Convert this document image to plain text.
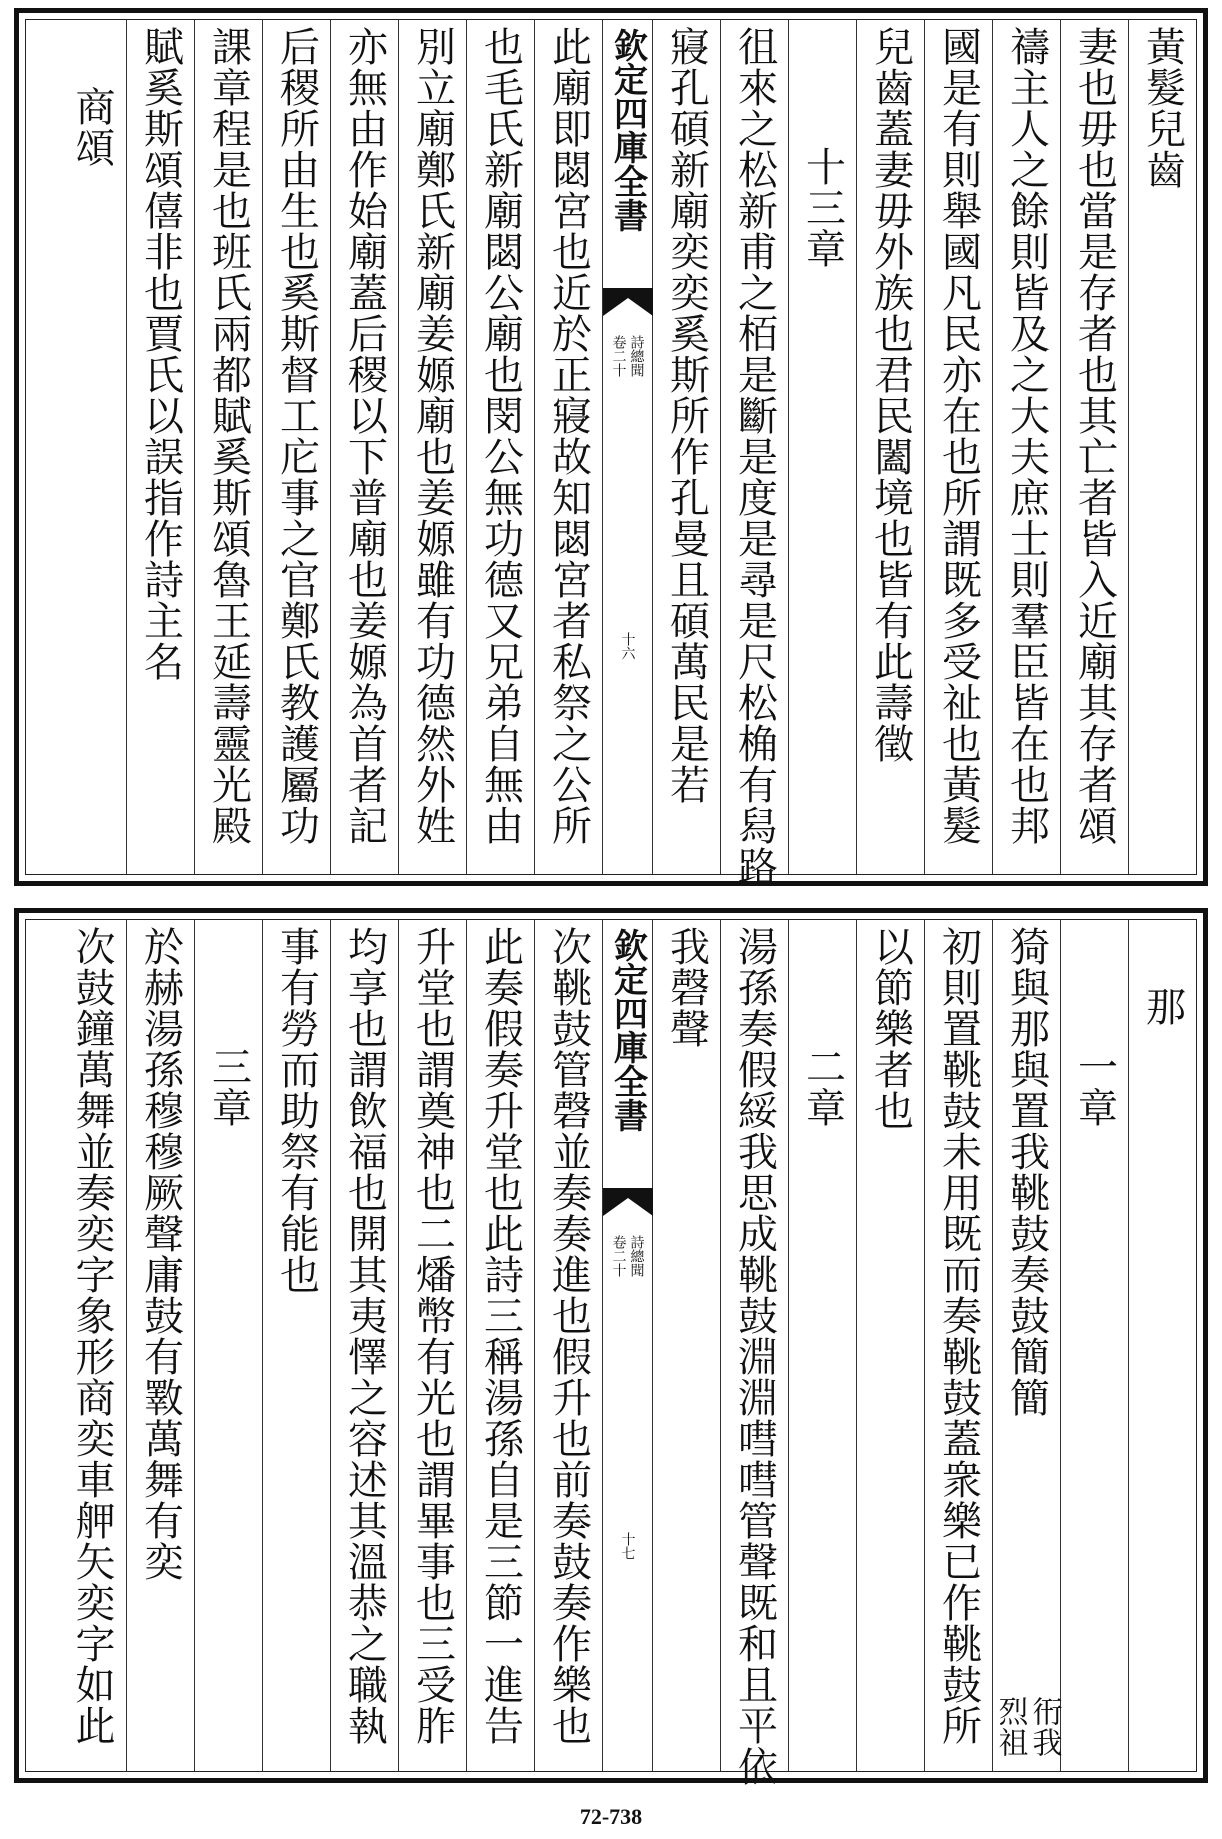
黃髮兒齒
妻也毋也當是存者也其亡者皆入近廟其存者頌
禱主人之餘則皆及之大夫庶士則羣臣皆在也邦
國是有則舉國凡民亦在也所謂既多受祉也黃髮
兒齒蓋妻毋外族也君民闔境也皆有此壽徵
十三章
徂來之松新甫之栢是斷是度是尋是尺松桷有舄路
寢孔碩新廟奕奕奚斯所作孔曼且碩萬民是若
欽定四庫全書
詩總聞
卷二十
十六
此廟即閟宮也近於正寢故知閟宮者私祭之公所
也毛氏新廟閟公廟也閔公無功德又兄弟自無由
別立廟鄭氏新廟姜嫄廟也姜嫄雖有功德然外姓
亦無由作始廟蓋后稷以下普廟也姜嫄為首者記
后稷所由生也奚斯督工庀事之官鄭氏教護屬功
課章程是也班氏兩都賦奚斯頌魯王延壽靈光殿
賦奚斯頌僖非也賈氏以誤指作詩主名
商頌
那
一章
猗與那與置我鞉鼓奏鼓簡簡
衎我
烈祖
初則置鞉鼓未用既而奏鞉鼓蓋衆樂已作鞉鼓所
以節樂者也
二章
湯孫奏假綏我思成鞉鼓淵淵嘒嘒管聲既和且平依
我磬聲
欽定四庫全書
詩總聞
卷二十
十七
次鞉鼓管磬並奏奏進也假升也前奏鼓奏作樂也
此奏假奏升堂也此詩三稱湯孫自是三節一進告
升堂也謂奠神也二燔幣有光也謂畢事也三受胙
均享也謂飲福也開其夷懌之容述其溫恭之職執
事有勞而助祭有能也
三章
於赫湯孫穆穆厥聲庸鼓有斁萬舞有奕
次鼓鐘萬舞並奏奕字象形商奕車舺矢奕字如此
72-738
